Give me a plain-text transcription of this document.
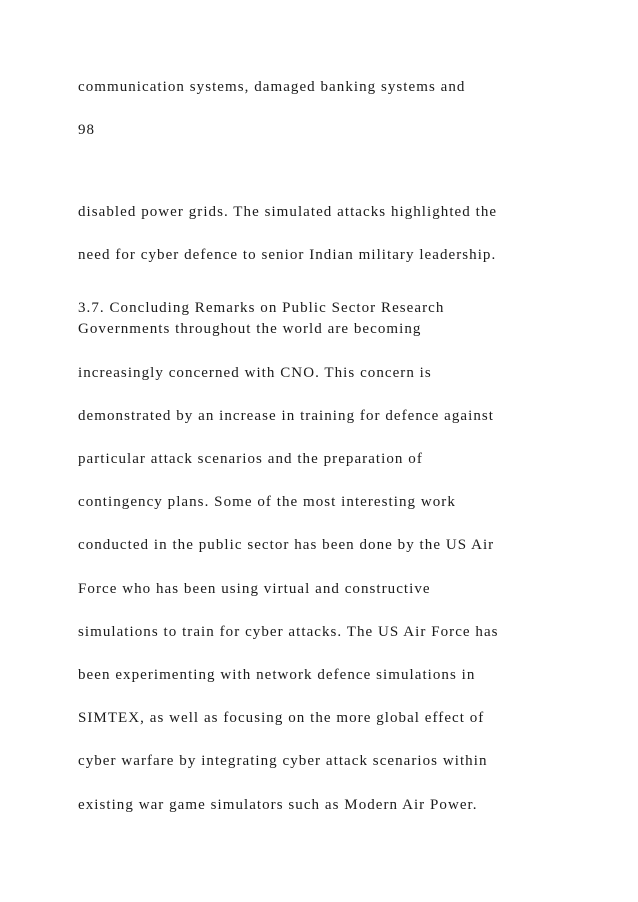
communication systems, damaged banking systems and

98

disabled power grids. The simulated attacks highlighted the

need for cyber defence to senior Indian military leadership.

3.7. Concluding Remarks on Public Sector Research

Governments throughout the world are becoming

increasingly concerned with CNO. This concern is

demonstrated by an increase in training for defence against

particular attack scenarios and the preparation of

contingency plans. Some of the most interesting work

conducted in the public sector has been done by the US Air

Force who has been using virtual and constructive

simulations to train for cyber attacks. The US Air Force has

been experimenting with network defence simulations in

SIMTEX, as well as focusing on the more global effect of

cyber warfare by integrating cyber attack scenarios within

existing war game simulators such as Modern Air Power.
